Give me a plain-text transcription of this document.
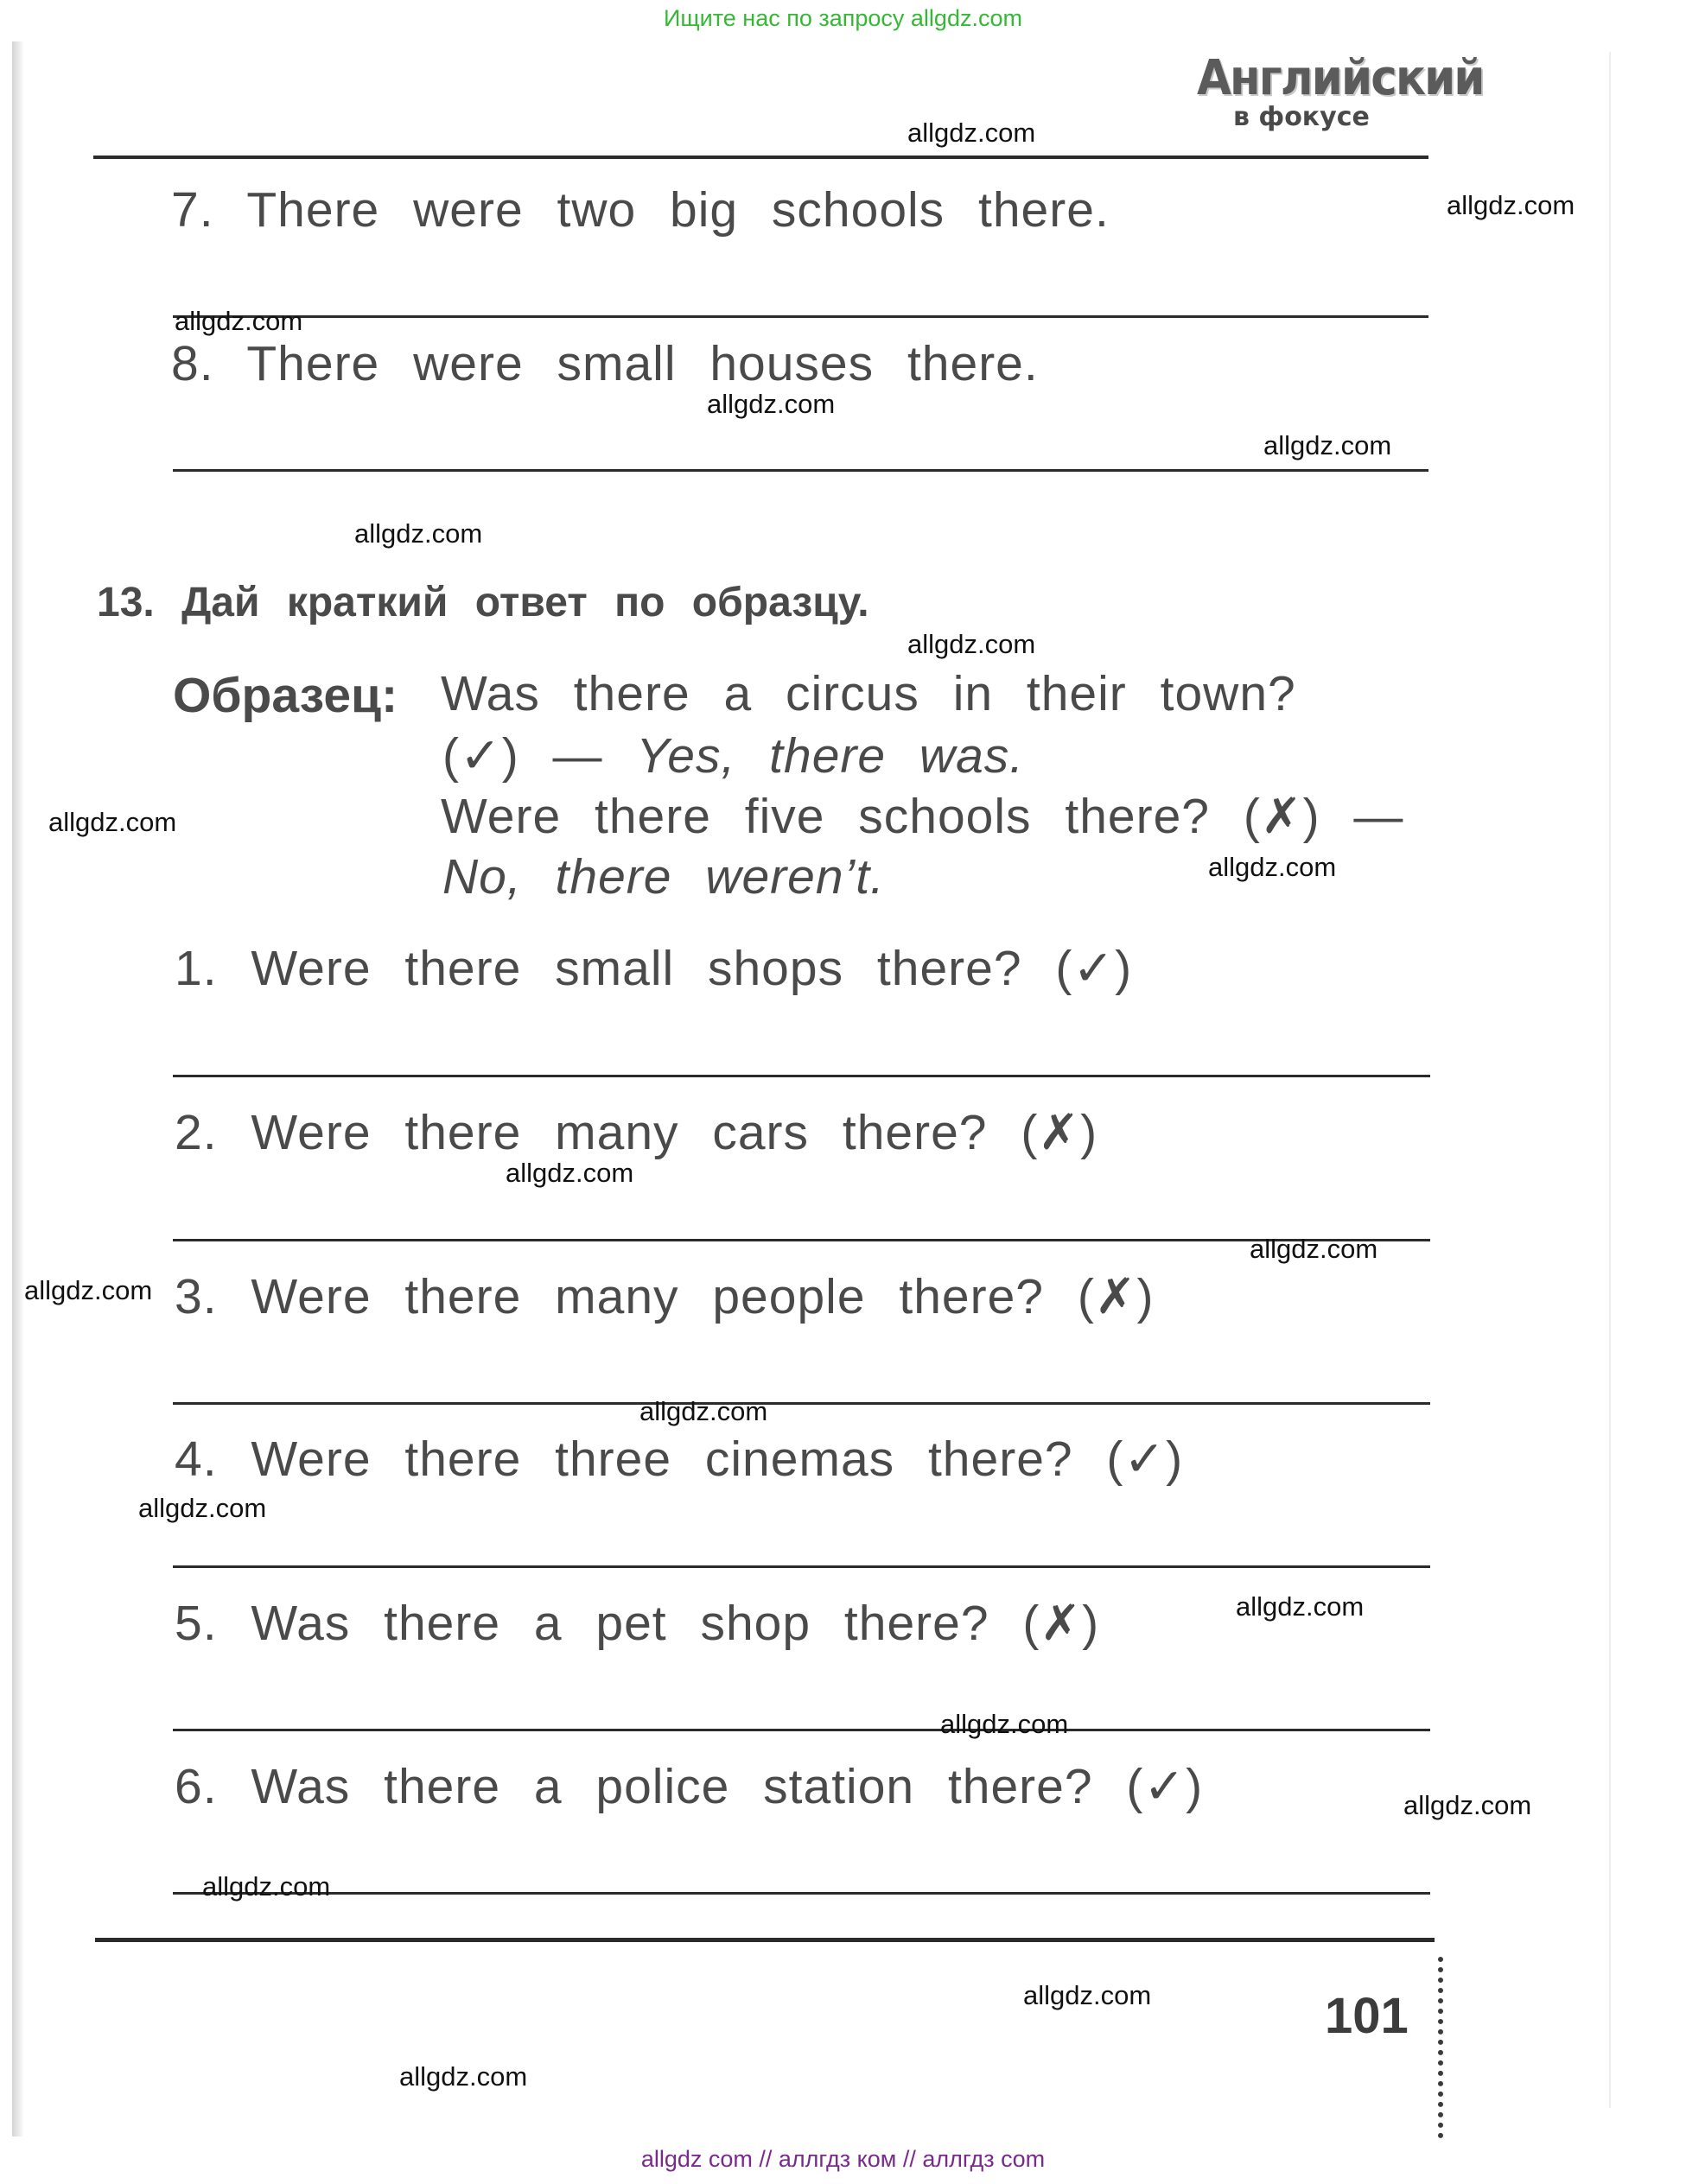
Ищите нас по запросу allgdz.com
Английский
в фокусе
7. There were two big schools there.
8. There were small houses there.
13. Дай краткий ответ по образцу.
Образец: Was there a circus in their town?
(✓) — Yes, there was.
Were there five schools there? (✗) —
No, there weren’t.
1. Were there small shops there? (✓)
2. Were there many cars there? (✗)
3. Were there many people there? (✗)
4. Were there three cinemas there? (✓)
5. Was there a pet shop there? (✗)
6. Was there a police station there? (✓)
101
allgdz.com
allgdz.com
allgdz.com
allgdz.com
allgdz.com
allgdz.com
allgdz.com
allgdz.com
allgdz.com
allgdz.com
allgdz.com
allgdz.com
allgdz.com
allgdz.com
allgdz.com
allgdz.com
allgdz.com
allgdz.com
allgdz.com
allgdz.com
allgdz com // аллгдз ком // аллгдз com
